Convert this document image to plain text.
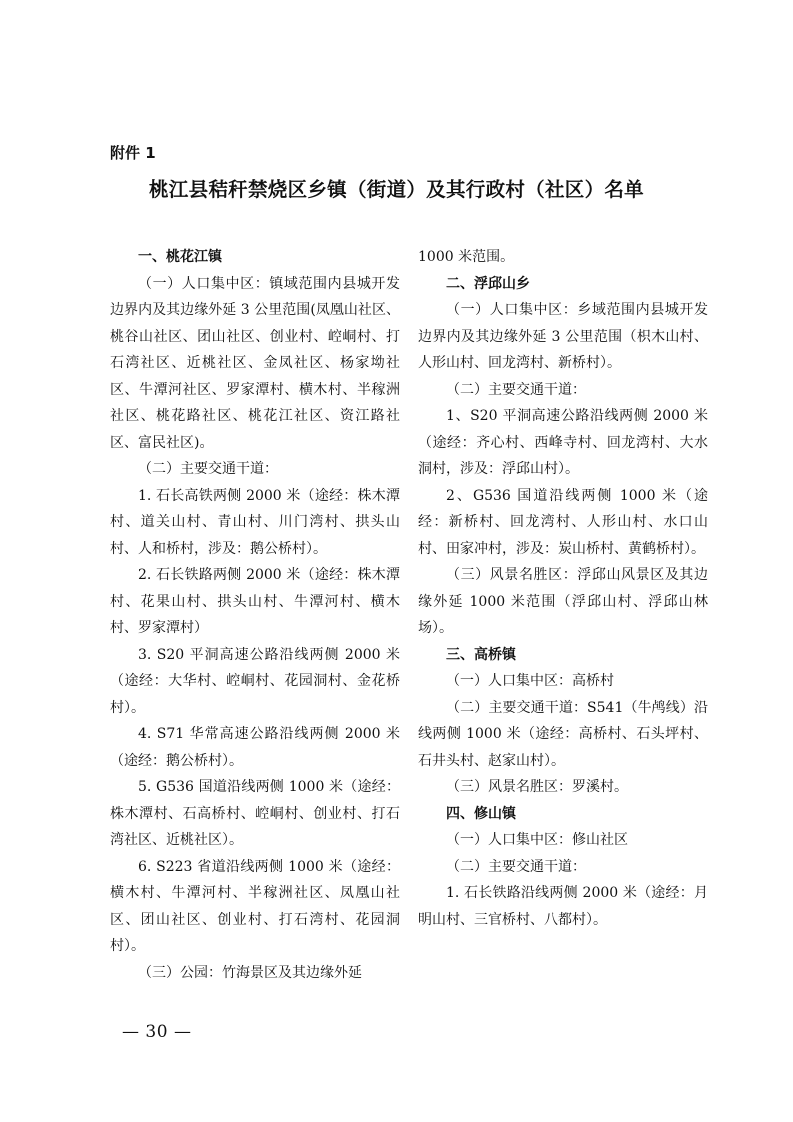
附件 1
桃江县秸秆禁烧区乡镇（街道）及其行政村（社区）名单

一、桃花江镇

（一）人口集中区：镇域范围内县城开发边界内及其边缘外延 3 公里范围(凤凰山社区、桃谷山社区、团山社区、创业村、崆峒村、打石湾社区、近桃社区、金凤社区、杨家坳社区、牛潭河社区、罗家潭村、横木村、半稼洲社区、桃花路社区、桃花江社区、资江路社区、富民社区)。

（二）主要交通干道：

1. 石长高铁两侧 2000 米（途经：株木潭村、道关山村、青山村、川门湾村、拱头山村、人和桥村，涉及：鹅公桥村）。

2. 石长铁路两侧 2000 米（途经：株木潭村、花果山村、拱头山村、牛潭河村、横木村、罗家潭村）

3. S20 平洞高速公路沿线两侧 2000 米（途经：大华村、崆峒村、花园洞村、金花桥村）。

4. S71 华常高速公路沿线两侧 2000 米（途经：鹅公桥村）。

5. G536 国道沿线两侧 1000 米（途经：株木潭村、石高桥村、崆峒村、创业村、打石湾社区、近桃社区）。

6. S223 省道沿线两侧 1000 米（途经：横木村、牛潭河村、半稼洲社区、凤凰山社区、团山社区、创业村、打石湾村、花园洞村）。

（三）公园：竹海景区及其边缘外延

1000 米范围。

二、浮邱山乡

（一）人口集中区：乡域范围内县城开发边界内及其边缘外延 3 公里范围（枳木山村、人形山村、回龙湾村、新桥村）。

（二）主要交通干道：

1、S20 平洞高速公路沿线两侧 2000 米（途经：齐心村、西峰寺村、回龙湾村、大水洞村，涉及：浮邱山村）。

2、G536 国道沿线两侧 1000 米（途经：新桥村、回龙湾村、人形山村、水口山村、田家冲村，涉及：炭山桥村、黄鹤桥村）。

（三）风景名胜区：浮邱山风景区及其边缘外延 1000 米范围（浮邱山村、浮邱山林场）。

三、高桥镇

（一）人口集中区：高桥村

（二）主要交通干道：S541（牛鸬线）沿线两侧 1000 米（途经：高桥村、石头坪村、石井头村、赵家山村）。

（三）风景名胜区：罗溪村。

四、修山镇

（一）人口集中区：修山社区

（二）主要交通干道：

1. 石长铁路沿线两侧 2000 米（途经：月明山村、三官桥村、八都村）。

— 30 —
